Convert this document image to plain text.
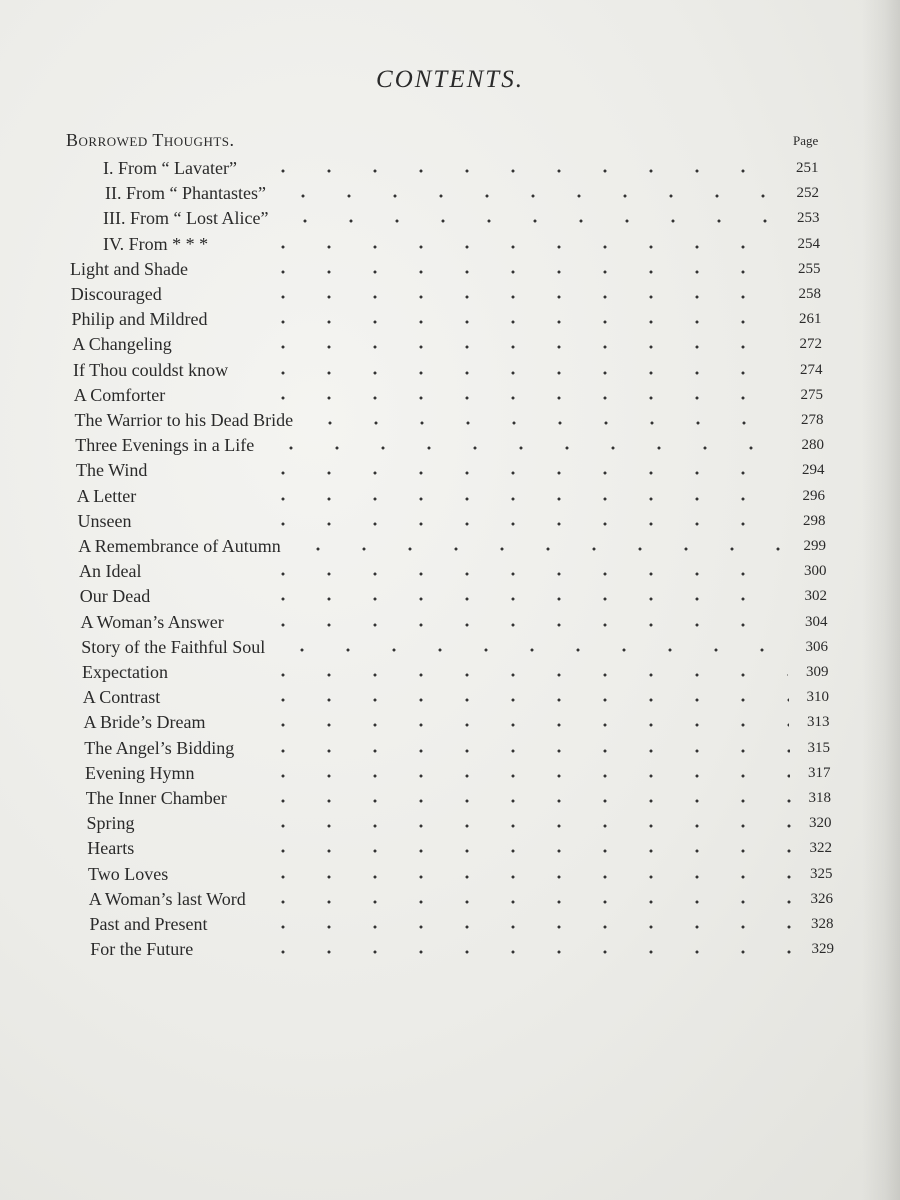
CONTENTS.
Borrowed Thoughts.	Page
I. From “ Lavater”	251
II. From “ Phantastes”	252
III. From “ Lost Alice”	253
IV. From * * *	254
Light and Shade	255
Discouraged	258
Philip and Mildred	261
A Changeling	272
If Thou couldst know	274
A Comforter	275
The Warrior to his Dead Bride	278
Three Evenings in a Life	280
The Wind	294
A Letter	296
Unseen	298
A Remembrance of Autumn	299
An Ideal	300
Our Dead	302
A Woman’s Answer	304
Story of the Faithful Soul	306
Expectation	309
A Contrast	310
A Bride’s Dream	313
The Angel’s Bidding	315
Evening Hymn	317
The Inner Chamber	318
Spring	320
Hearts	322
Two Loves	325
A Woman’s last Word	326
Past and Present	328
For the Future	329
